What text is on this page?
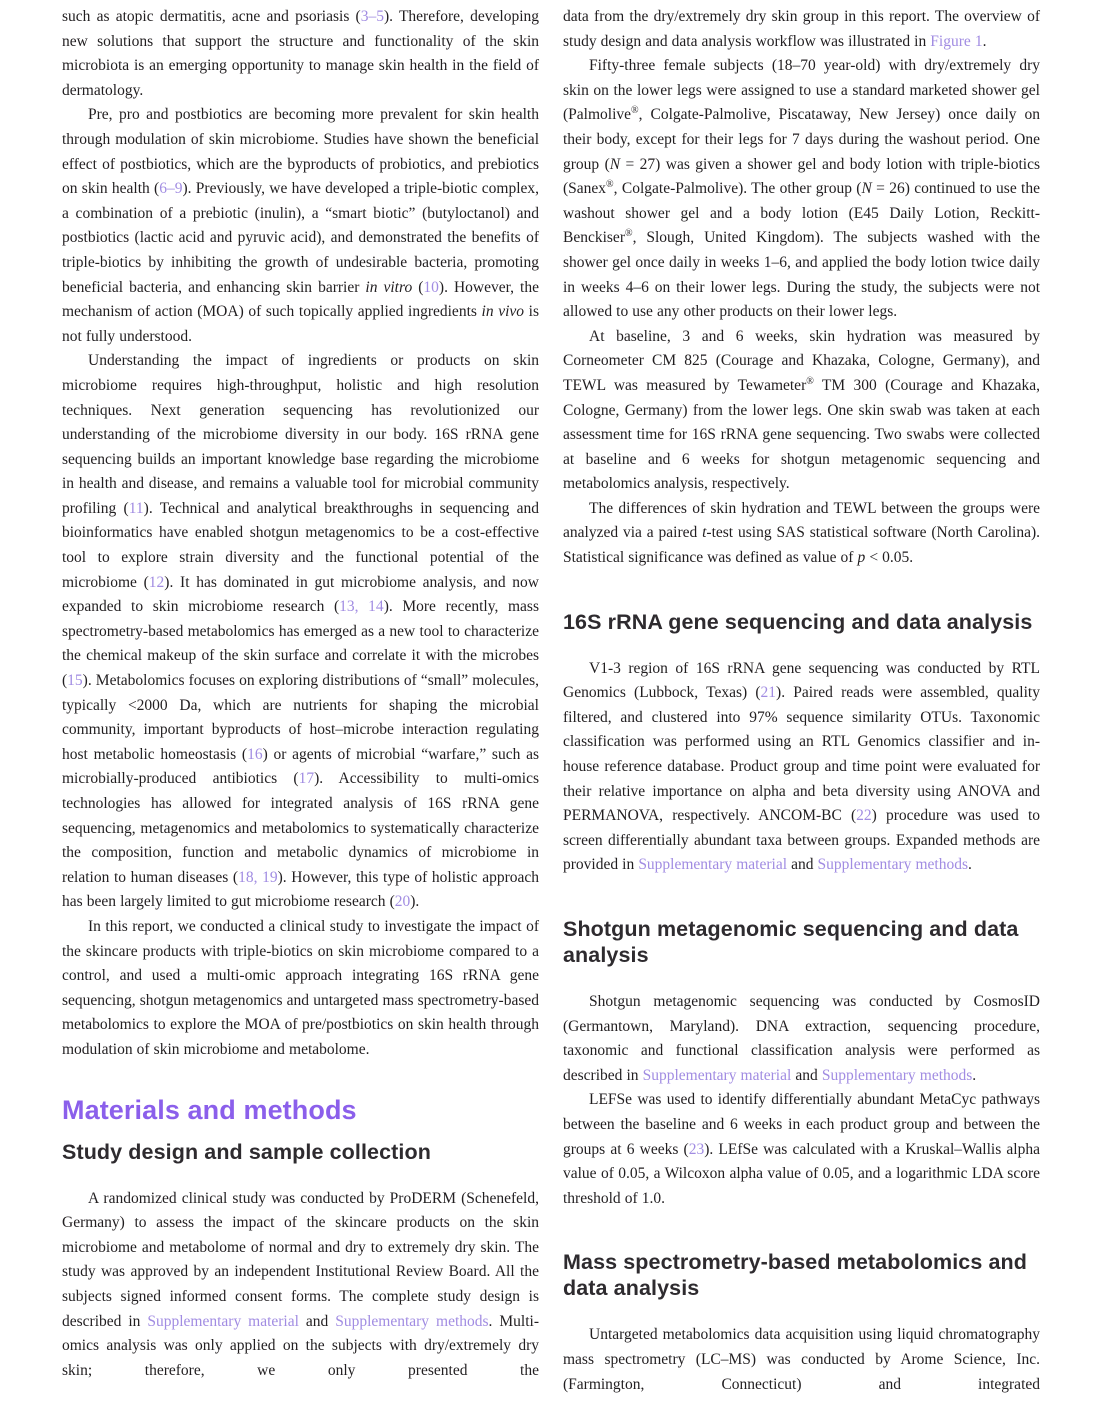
such as atopic dermatitis, acne and psoriasis (3–5). Therefore, developing new solutions that support the structure and functionality of the skin microbiota is an emerging opportunity to manage skin health in the field of dermatology.

Pre, pro and postbiotics are becoming more prevalent for skin health through modulation of skin microbiome. Studies have shown the beneficial effect of postbiotics, which are the byproducts of probiotics, and prebiotics on skin health (6–9). Previously, we have developed a triple-biotic complex, a combination of a prebiotic (inulin), a “smart biotic” (butyloctanol) and postbiotics (lactic acid and pyruvic acid), and demonstrated the benefits of triple-biotics by inhibiting the growth of undesirable bacteria, promoting beneficial bacteria, and enhancing skin barrier in vitro (10). However, the mechanism of action (MOA) of such topically applied ingredients in vivo is not fully understood.

Understanding the impact of ingredients or products on skin microbiome requires high-throughput, holistic and high resolution techniques. Next generation sequencing has revolutionized our understanding of the microbiome diversity in our body. 16S rRNA gene sequencing builds an important knowledge base regarding the microbiome in health and disease, and remains a valuable tool for microbial community profiling (11). Technical and analytical breakthroughs in sequencing and bioinformatics have enabled shotgun metagenomics to be a cost-effective tool to explore strain diversity and the functional potential of the microbiome (12). It has dominated in gut microbiome analysis, and now expanded to skin microbiome research (13, 14). More recently, mass spectrometry-based metabolomics has emerged as a new tool to characterize the chemical makeup of the skin surface and correlate it with the microbes (15). Metabolomics focuses on exploring distributions of “small” molecules, typically <2000 Da, which are nutrients for shaping the microbial community, important byproducts of host–microbe interaction regulating host metabolic homeostasis (16) or agents of microbial “warfare,” such as microbially-produced antibiotics (17). Accessibility to multi-omics technologies has allowed for integrated analysis of 16S rRNA gene sequencing, metagenomics and metabolomics to systematically characterize the composition, function and metabolic dynamics of microbiome in relation to human diseases (18, 19). However, this type of holistic approach has been largely limited to gut microbiome research (20).

In this report, we conducted a clinical study to investigate the impact of the skincare products with triple-biotics on skin microbiome compared to a control, and used a multi-omic approach integrating 16S rRNA gene sequencing, shotgun metagenomics and untargeted mass spectrometry-based metabolomics to explore the MOA of pre/postbiotics on skin health through modulation of skin microbiome and metabolome.

Materials and methods
Study design and sample collection

A randomized clinical study was conducted by ProDERM (Schenefeld, Germany) to assess the impact of the skincare products on the skin microbiome and metabolome of normal and dry to extremely dry skin. The study was approved by an independent Institutional Review Board. All the subjects signed informed consent forms. The complete study design is described in Supplementary material and Supplementary methods. Multi-omics analysis was only applied on the subjects with dry/extremely dry skin; therefore, we only presented the

data from the dry/extremely dry skin group in this report. The overview of study design and data analysis workflow was illustrated in Figure 1.

Fifty-three female subjects (18–70 year-old) with dry/extremely dry skin on the lower legs were assigned to use a standard marketed shower gel (Palmolive®, Colgate-Palmolive, Piscataway, New Jersey) once daily on their body, except for their legs for 7 days during the washout period. One group (N = 27) was given a shower gel and body lotion with triple-biotics (Sanex®, Colgate-Palmolive). The other group (N = 26) continued to use the washout shower gel and a body lotion (E45 Daily Lotion, Reckitt-Benckiser®, Slough, United Kingdom). The subjects washed with the shower gel once daily in weeks 1–6, and applied the body lotion twice daily in weeks 4–6 on their lower legs. During the study, the subjects were not allowed to use any other products on their lower legs.

At baseline, 3 and 6 weeks, skin hydration was measured by Corneometer CM 825 (Courage and Khazaka, Cologne, Germany), and TEWL was measured by Tewameter® TM 300 (Courage and Khazaka, Cologne, Germany) from the lower legs. One skin swab was taken at each assessment time for 16S rRNA gene sequencing. Two swabs were collected at baseline and 6 weeks for shotgun metagenomic sequencing and metabolomics analysis, respectively.

The differences of skin hydration and TEWL between the groups were analyzed via a paired t-test using SAS statistical software (North Carolina). Statistical significance was defined as value of p < 0.05.

16S rRNA gene sequencing and data analysis

V1-3 region of 16S rRNA gene sequencing was conducted by RTL Genomics (Lubbock, Texas) (21). Paired reads were assembled, quality filtered, and clustered into 97% sequence similarity OTUs. Taxonomic classification was performed using an RTL Genomics classifier and in-house reference database. Product group and time point were evaluated for their relative importance on alpha and beta diversity using ANOVA and PERMANOVA, respectively. ANCOM-BC (22) procedure was used to screen differentially abundant taxa between groups. Expanded methods are provided in Supplementary material and Supplementary methods.

Shotgun metagenomic sequencing and data analysis

Shotgun metagenomic sequencing was conducted by CosmosID (Germantown, Maryland). DNA extraction, sequencing procedure, taxonomic and functional classification analysis were performed as described in Supplementary material and Supplementary methods.

LEFSe was used to identify differentially abundant MetaCyc pathways between the baseline and 6 weeks in each product group and between the groups at 6 weeks (23). LEfSe was calculated with a Kruskal–Wallis alpha value of 0.05, a Wilcoxon alpha value of 0.05, and a logarithmic LDA score threshold of 1.0.

Mass spectrometry-based metabolomics and data analysis

Untargeted metabolomics data acquisition using liquid chromatography mass spectrometry (LC–MS) was conducted by Arome Science, Inc. (Farmington, Connecticut) and integrated
